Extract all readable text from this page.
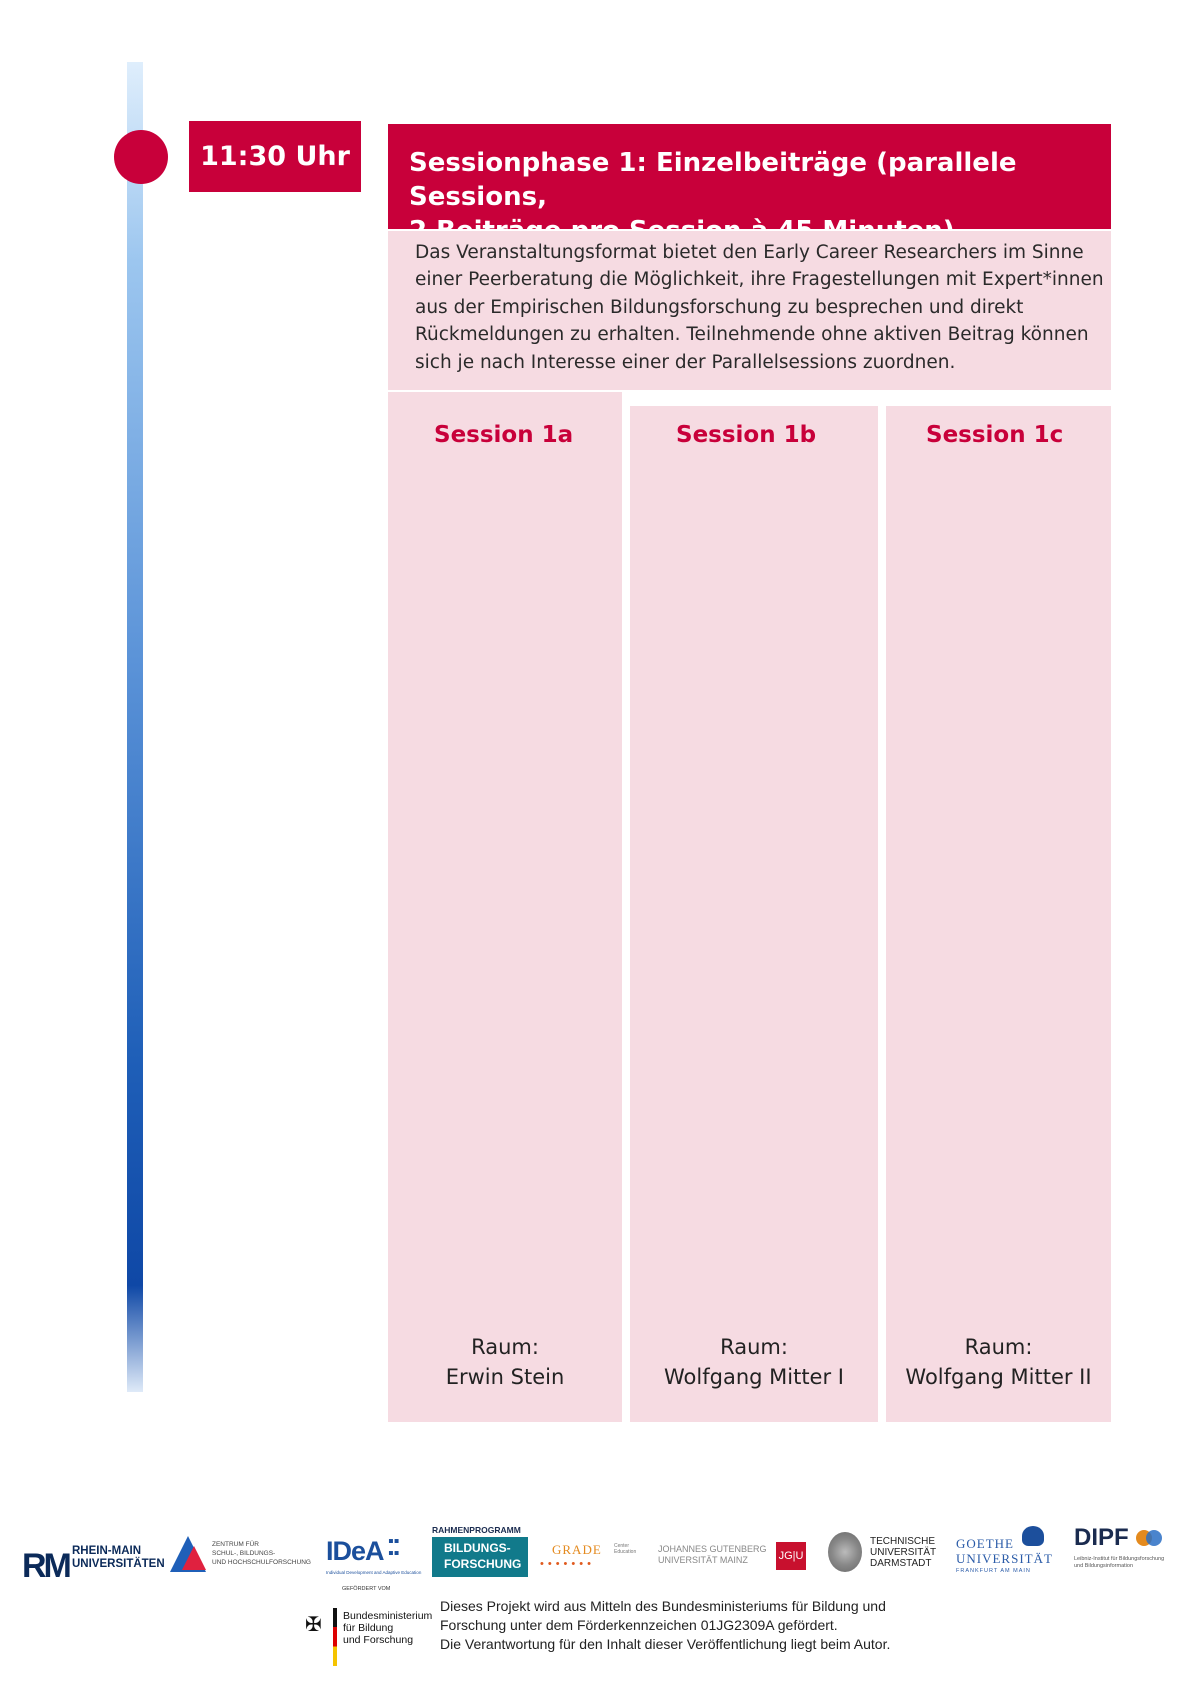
11:30 Uhr	Sessionphase 1: Einzelbeiträge (parallele Sessions,
Das Veranstaltungsformat bietet den Early Career Researchers im Sinne
einer Peerberatung die Möglichkeit, ihre Fragestellungen mit Expert*innen
aus der Empirischen Bildungsforschung zu besprechen und direkt
Rückmeldungen zu erhalten. Teilnehmende ohne aktiven Beitrag können
sich je nach Interesse einer der Parallelsessions zuordnen.
Session 1a
Raum:
Erwin Stein
Session 1b
Raum:
Wolfgang Mitter I
Session 1c
Raum:
Wolfgang Mitter II
RM RHEIN-MAIN
UNIVERSITÄTEN
ZENTRUM FÜR
SCHUL-, BILDUNGS-
UND HOCHSCHULFORSCHUNG IDeA ▪▪
▪▪
Individual Development and Adaptive Education
RAHMENPROGRAMM
BILDUNGS-
FORSCHUNG
GRADE Center
Education
•••••••
JOHANNES GUTENBERG
UNIVERSITÄT MAINZ	JG|U
TECHNISCHE
UNIVERSITÄT
DARMSTADT
GOETHE
UNIVERSITÄT
FRANKFURT AM MAIN
DIPF
Leibniz-Institut für Bildungsforschung
und Bildungsinformation
GEFÖRDERT VOM
✠ Bundesministerium
für Bildung
und Forschung
Dieses Projekt wird aus Mitteln des Bundesministeriums für Bildung und
Forschung unter dem Förderkennzeichen 01JG2309A gefördert.
Die Verantwortung für den Inhalt dieser Veröffentlichung liegt beim Autor.
